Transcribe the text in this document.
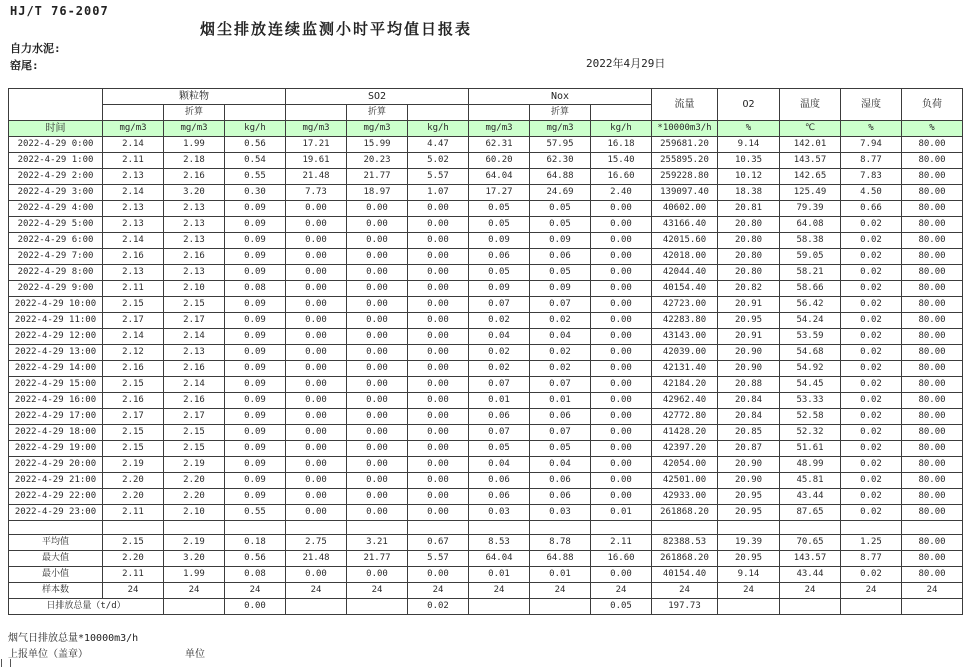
HJ/T 76-2007
烟尘排放连续监测小时平均值日报表
自力水泥:
窑尾:	2022年4月29日
	颗粒物			SO2			Nox			流量	O2	温度	湿度	负荷
		折算			折算			折算						
时间	mg/m3	mg/m3	kg/h	mg/m3	mg/m3	kg/h	mg/m3	mg/m3	kg/h	*10000m3/h	%	℃	%	%
2022-4-29 0:00	2.14	1.99	0.56	17.21	15.99	4.47	62.31	57.95	16.18	259681.20	9.14	142.01	7.94	80.00
2022-4-29 1:00	2.11	2.18	0.54	19.61	20.23	5.02	60.20	62.30	15.40	255895.20	10.35	143.57	8.77	80.00
2022-4-29 2:00	2.13	2.16	0.55	21.48	21.77	5.57	64.04	64.88	16.60	259228.80	10.12	142.65	7.83	80.00
2022-4-29 3:00	2.14	3.20	0.30	7.73	18.97	1.07	17.27	24.69	2.40	139097.40	18.38	125.49	4.50	80.00
2022-4-29 4:00	2.13	2.13	0.09	0.00	0.00	0.00	0.05	0.05	0.00	40602.00	20.81	79.39	0.66	80.00
2022-4-29 5:00	2.13	2.13	0.09	0.00	0.00	0.00	0.05	0.05	0.00	43166.40	20.80	64.08	0.02	80.00
2022-4-29 6:00	2.14	2.13	0.09	0.00	0.00	0.00	0.09	0.09	0.00	42015.60	20.80	58.38	0.02	80.00
2022-4-29 7:00	2.16	2.16	0.09	0.00	0.00	0.00	0.06	0.06	0.00	42018.00	20.80	59.05	0.02	80.00
2022-4-29 8:00	2.13	2.13	0.09	0.00	0.00	0.00	0.05	0.05	0.00	42044.40	20.80	58.21	0.02	80.00
2022-4-29 9:00	2.11	2.10	0.08	0.00	0.00	0.00	0.09	0.09	0.00	40154.40	20.82	58.66	0.02	80.00
2022-4-29 10:00	2.15	2.15	0.09	0.00	0.00	0.00	0.07	0.07	0.00	42723.00	20.91	56.42	0.02	80.00
2022-4-29 11:00	2.17	2.17	0.09	0.00	0.00	0.00	0.02	0.02	0.00	42283.80	20.95	54.24	0.02	80.00
2022-4-29 12:00	2.14	2.14	0.09	0.00	0.00	0.00	0.04	0.04	0.00	43143.00	20.91	53.59	0.02	80.00
2022-4-29 13:00	2.12	2.13	0.09	0.00	0.00	0.00	0.02	0.02	0.00	42039.00	20.90	54.68	0.02	80.00
2022-4-29 14:00	2.16	2.16	0.09	0.00	0.00	0.00	0.02	0.02	0.00	42131.40	20.90	54.92	0.02	80.00
2022-4-29 15:00	2.15	2.14	0.09	0.00	0.00	0.00	0.07	0.07	0.00	42184.20	20.88	54.45	0.02	80.00
2022-4-29 16:00	2.16	2.16	0.09	0.00	0.00	0.00	0.01	0.01	0.00	42962.40	20.84	53.33	0.02	80.00
2022-4-29 17:00	2.17	2.17	0.09	0.00	0.00	0.00	0.06	0.06	0.00	42772.80	20.84	52.58	0.02	80.00
2022-4-29 18:00	2.15	2.15	0.09	0.00	0.00	0.00	0.07	0.07	0.00	41428.20	20.85	52.32	0.02	80.00
2022-4-29 19:00	2.15	2.15	0.09	0.00	0.00	0.00	0.05	0.05	0.00	42397.20	20.87	51.61	0.02	80.00
2022-4-29 20:00	2.19	2.19	0.09	0.00	0.00	0.00	0.04	0.04	0.00	42054.00	20.90	48.99	0.02	80.00
2022-4-29 21:00	2.20	2.20	0.09	0.00	0.00	0.00	0.06	0.06	0.00	42501.00	20.90	45.81	0.02	80.00
2022-4-29 22:00	2.20	2.20	0.09	0.00	0.00	0.00	0.06	0.06	0.00	42933.00	20.95	43.44	0.02	80.00
2022-4-29 23:00	2.11	2.10	0.55	0.00	0.00	0.00	0.03	0.03	0.01	261868.20	20.95	87.65	0.02	80.00

平均值	2.15	2.19	0.18	2.75	3.21	0.67	8.53	8.78	2.11	82388.53	19.39	70.65	1.25	80.00
最大值	2.20	3.20	0.56	21.48	21.77	5.57	64.04	64.88	16.60	261868.20	20.95	143.57	8.77	80.00
最小值	2.11	1.99	0.08	0.00	0.00	0.00	0.01	0.01	0.00	40154.40	9.14	43.44	0.02	80.00
样本数	24	24	24	24	24	24	24	24	24	24	24	24	24	24
日排放总量（t/d）			0.00			0.02			0.05	197.73				
烟气日排放总量*10000m3/h
上报单位（盖章）	单位
